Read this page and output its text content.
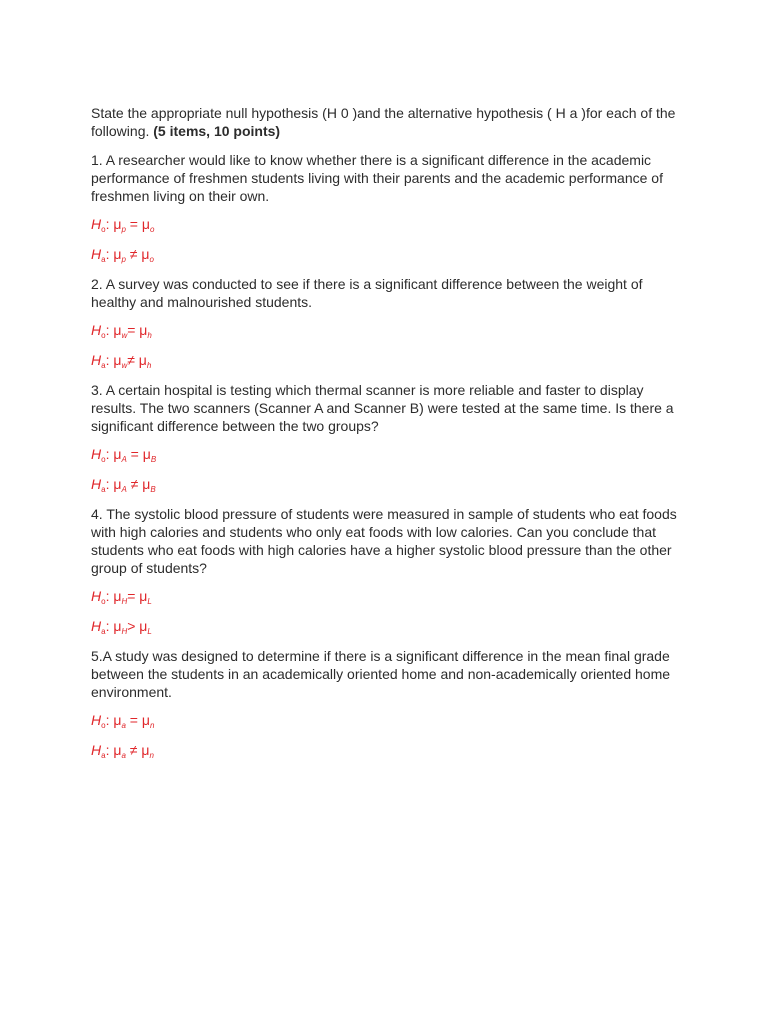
State the appropriate null hypothesis (H 0 )and the alternative hypothesis ( H a )for each of the following. (5 items, 10 points)

1. A researcher would like to know whether there is a significant difference in the academic performance of freshmen students living with their parents and the academic performance of freshmen living on their own.

$H_o$: $\mu_p = \mu_o$

$H_a$: $\mu_p \ne \mu_o$

2. A survey was conducted to see if there is a significant difference between the weight of healthy and malnourished students.

$H_o$: $\mu_w= \mu_h$

$H_a$: $\mu_w\ne \mu_h$

3. A certain hospital is testing which thermal scanner is more reliable and faster to display results. The two scanners (Scanner A and Scanner B) were tested at the same time. Is there a significant difference between the two groups?

$H_o$: $\mu_A = \mu_B$

$H_a$: $\mu_A \ne \mu_B$

4. The systolic blood pressure of students were measured in sample of students who eat foods with high calories and students who only eat foods with low calories. Can you conclude that students who eat foods with high calories have a higher systolic blood pressure than the other group of students?

$H_o$: $\mu_H= \mu_L$

$H_a$: $\mu_H> \mu_L$

5.A study was designed to determine if there is a significant difference in the mean final grade between the students in an academically oriented home and non-academically oriented home environment.

$H_o$: $\mu_a = \mu_n$

$H_a$: $\mu_a \ne \mu_n$
